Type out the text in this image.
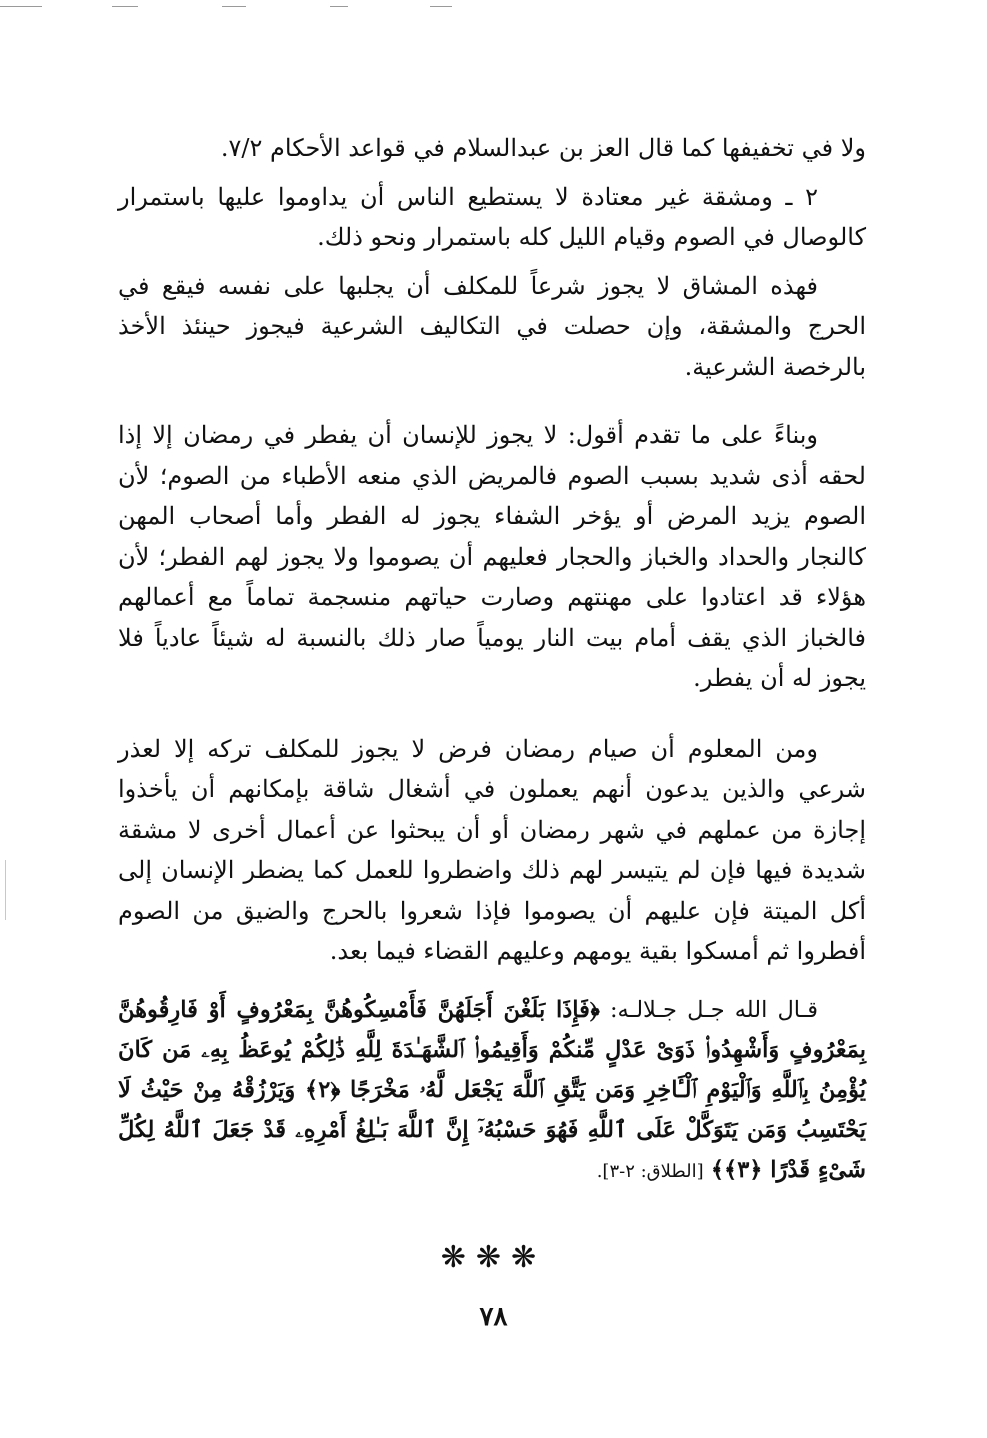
ولا في تخفيفها كما قال العز بن عبدالسلام في قواعد الأحكام ٧/٢.

٢ ـ ومشقة غير معتادة لا يستطيع الناس أن يداوموا عليها باستمرار كالوصال في الصوم وقيام الليل كله باستمرار ونحو ذلك.

فهذه المشاق لا يجوز شرعاً للمكلف أن يجلبها على نفسه فيقع في الحرج والمشقة، وإن حصلت في التكاليف الشرعية فيجوز حينئذ الأخذ بالرخصة الشرعية.

وبناءً على ما تقدم أقول: لا يجوز للإنسان أن يفطر في رمضان إلا إذا لحقه أذى شديد بسبب الصوم فالمريض الذي منعه الأطباء من الصوم؛ لأن الصوم يزيد المرض أو يؤخر الشفاء يجوز له الفطر وأما أصحاب المهن كالنجار والحداد والخباز والحجار فعليهم أن يصوموا ولا يجوز لهم الفطر؛ لأن هؤلاء قد اعتادوا على مهنتهم وصارت حياتهم منسجمة تماماً مع أعمالهم فالخباز الذي يقف أمام بيت النار يومياً صار ذلك بالنسبة له شيئاً عادياً فلا يجوز له أن يفطر.

ومن المعلوم أن صيام رمضان فرض لا يجوز للمكلف تركه إلا لعذر شرعي والذين يدعون أنهم يعملون في أشغال شاقة بإمكانهم أن يأخذوا إجازة من عملهم في شهر رمضان أو أن يبحثوا عن أعمال أخرى لا مشقة شديدة فيها فإن لم يتيسر لهم ذلك واضطروا للعمل كما يضطر الإنسان إلى أكل الميتة فإن عليهم أن يصوموا فإذا شعروا بالحرج والضيق من الصوم أفطروا ثم أمسكوا بقية يومهم وعليهم القضاء فيما بعد.

قـال الله جـل جـلالـه: ﴿فَإِذَا بَلَغْنَ أَجَلَهُنَّ فَأَمْسِكُوهُنَّ بِمَعْرُوفٍ أَوْ فَارِقُوهُنَّ بِمَعْرُوفٍ وَأَشْهِدُوا۟ ذَوَىْ عَدْلٍ مِّنكُمْ وَأَقِيمُوا۟ ٱلشَّهَـٰدَةَ لِلَّهِ ذَٰلِكُمْ يُوعَظُ بِهِۦ مَن كَانَ يُؤْمِنُ بِٱللَّهِ وَٱلْيَوْمِ ٱلْـَٔاخِرِ وَمَن يَتَّقِ ٱللَّهَ يَجْعَل لَّهُۥ مَخْرَجًا ﴿٢﴾ وَيَرْزُقْهُ مِنْ حَيْثُ لَا يَحْتَسِبُ وَمَن يَتَوَكَّلْ عَلَى ٱللَّهِ فَهُوَ حَسْبُهُۥٓ إِنَّ ٱللَّهَ بَـٰلِغُ أَمْرِهِۦ قَدْ جَعَلَ ٱللَّهُ لِكُلِّ شَىْءٍ قَدْرًا ﴿٣﴾﴾ [الطلاق: ٢-٣].

❋❋❋
٧٨
